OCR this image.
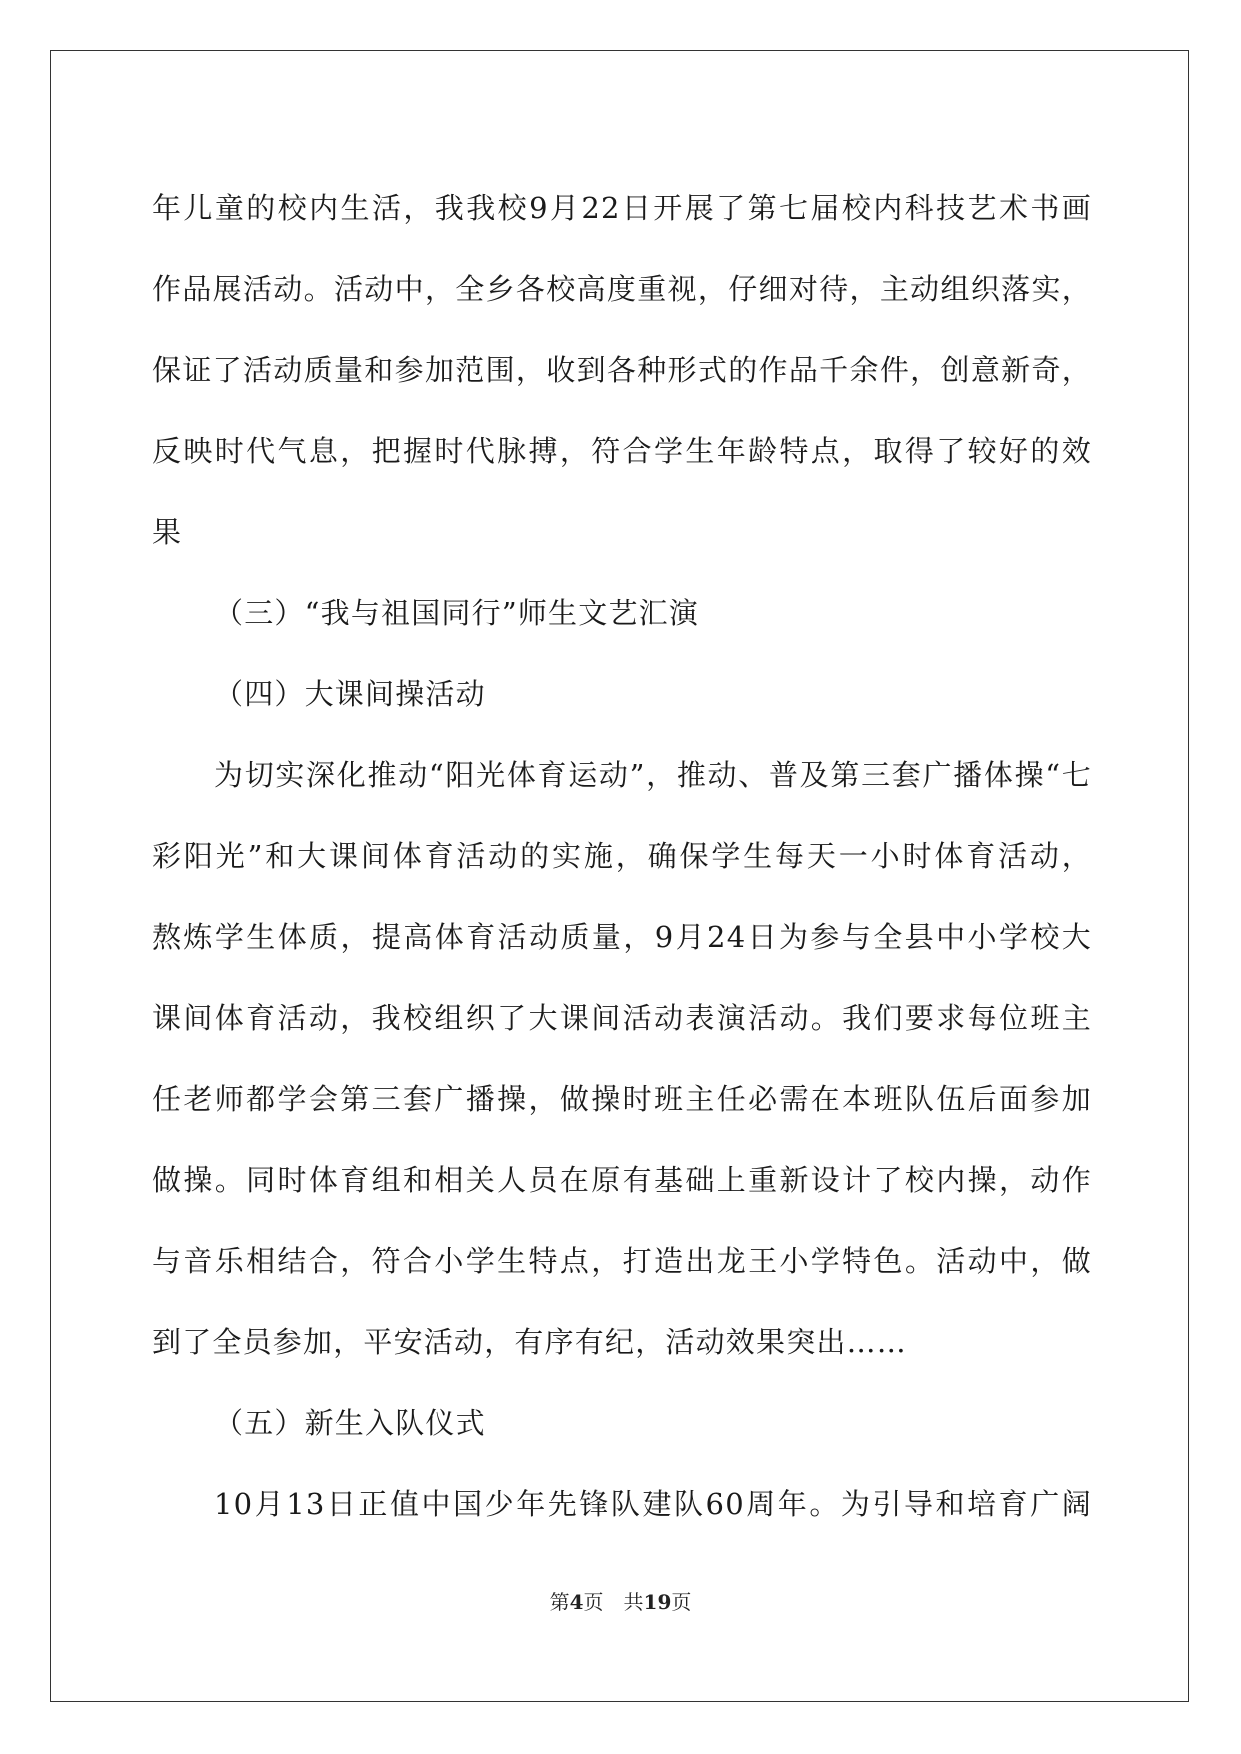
年儿童的校内生活，我我校9月22日开展了第七届校内科技艺术书画
作品展活动。活动中，全乡各校高度重视，仔细对待，主动组织落实，
保证了活动质量和参加范围，收到各种形式的作品千余件，创意新奇，
反映时代气息，把握时代脉搏，符合学生年龄特点，取得了较好的效
果
（三）“我与祖国同行”师生文艺汇演
（四）大课间操活动
为切实深化推动“阳光体育运动”，推动、普及第三套广播体操“七
彩阳光”和大课间体育活动的实施，确保学生每天一小时体育活动，
熬炼学生体质，提高体育活动质量，9月24日为参与全县中小学校大
课间体育活动，我校组织了大课间活动表演活动。我们要求每位班主
任老师都学会第三套广播操，做操时班主任必需在本班队伍后面参加
做操。同时体育组和相关人员在原有基础上重新设计了校内操，动作
与音乐相结合，符合小学生特点，打造出龙王小学特色。活动中，做
到了全员参加，平安活动，有序有纪，活动效果突出……
（五）新生入队仪式
10月13日正值中国少年先锋队建队60周年。为引导和培育广阔
第4页 共19页
